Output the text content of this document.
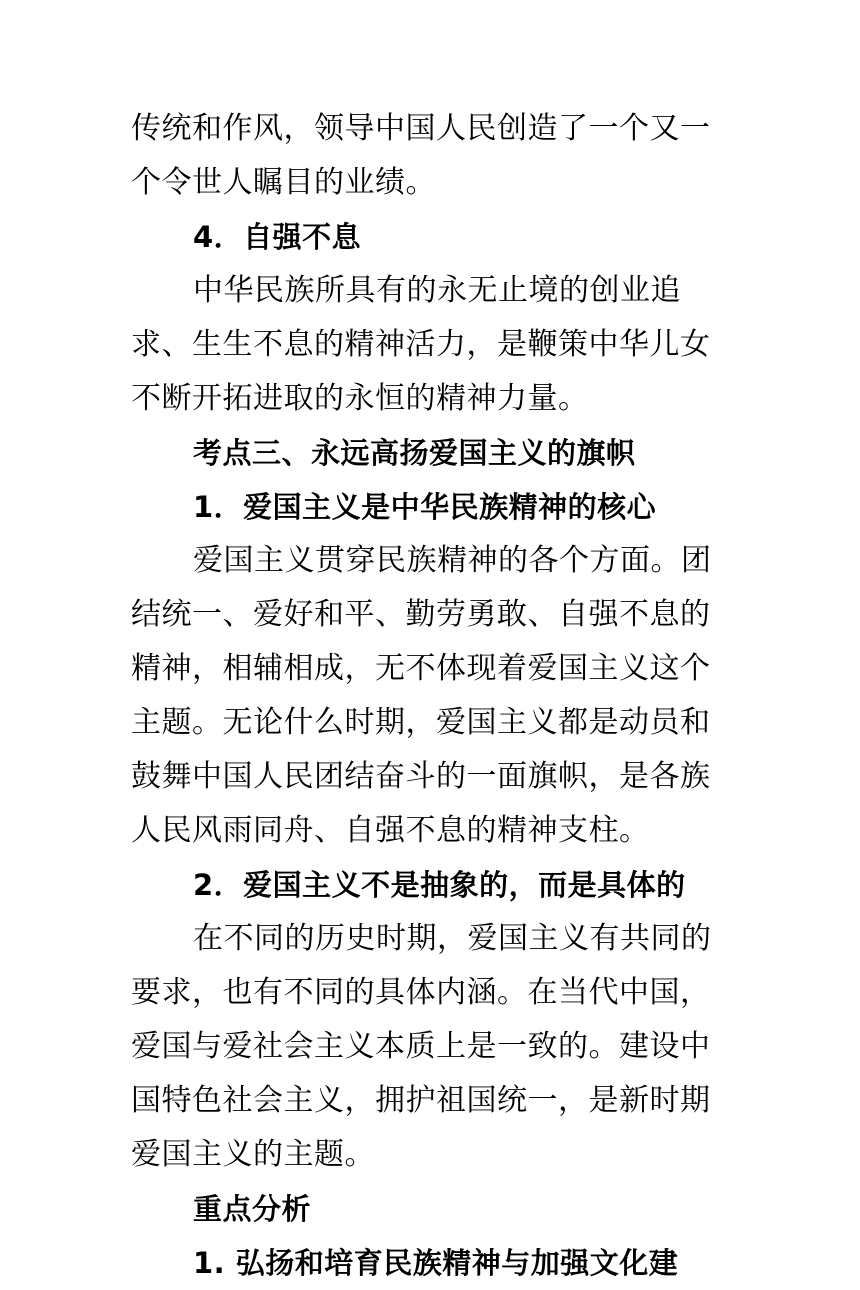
传统和作风，领导中国人民创造了一个又一个令世人瞩目的业绩。

4．自强不息

中华民族所具有的永无止境的创业追求、生生不息的精神活力，是鞭策中华儿女不断开拓进取的永恒的精神力量。

考点三、永远高扬爱国主义的旗帜

1．爱国主义是中华民族精神的核心

爱国主义贯穿民族精神的各个方面。团结统一、爱好和平、勤劳勇敢、自强不息的精神，相辅相成，无不体现着爱国主义这个主题。无论什么时期，爱国主义都是动员和鼓舞中国人民团结奋斗的一面旗帜，是各族人民风雨同舟、自强不息的精神支柱。

2．爱国主义不是抽象的，而是具体的

在不同的历史时期，爱国主义有共同的要求，也有不同的具体内涵。在当代中国，爱国与爱社会主义本质上是一致的。建设中国特色社会主义，拥护祖国统一，是新时期爱国主义的主题。

重点分析

1. 弘扬和培育民族精神与加强文化建
